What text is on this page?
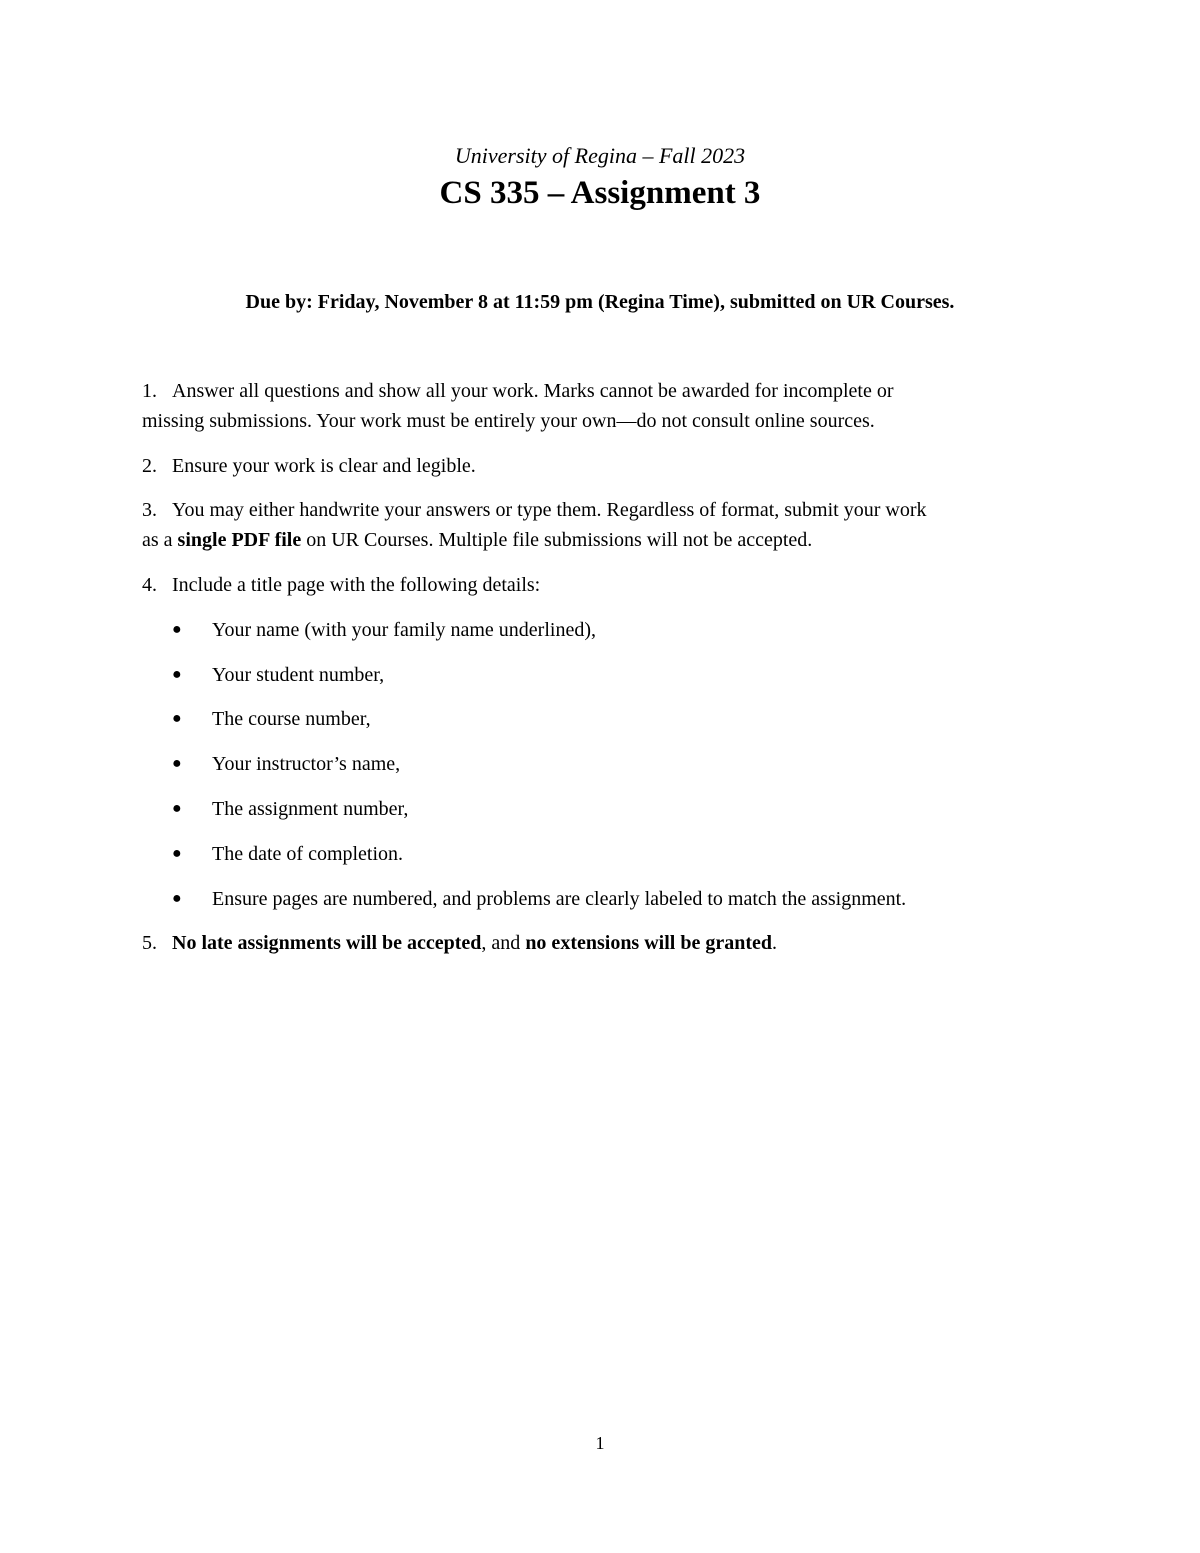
University of Regina – Fall 2023
CS 335 – Assignment 3
Due by: Friday, November 8 at 11:59 pm (Regina Time), submitted on UR Courses.
1. Answer all questions and show all your work. Marks cannot be awarded for incomplete or
missing submissions. Your work must be entirely your own—do not consult online sources.
2. Ensure your work is clear and legible.
3. You may either handwrite your answers or type them. Regardless of format, submit your work
as a single PDF file on UR Courses. Multiple file submissions will not be accepted.
4. Include a title page with the following details:
● Your name (with your family name underlined),
● Your student number,
● The course number,
● Your instructor’s name,
● The assignment number,
● The date of completion.
● Ensure pages are numbered, and problems are clearly labeled to match the assignment.
5. No late assignments will be accepted, and no extensions will be granted.
1
